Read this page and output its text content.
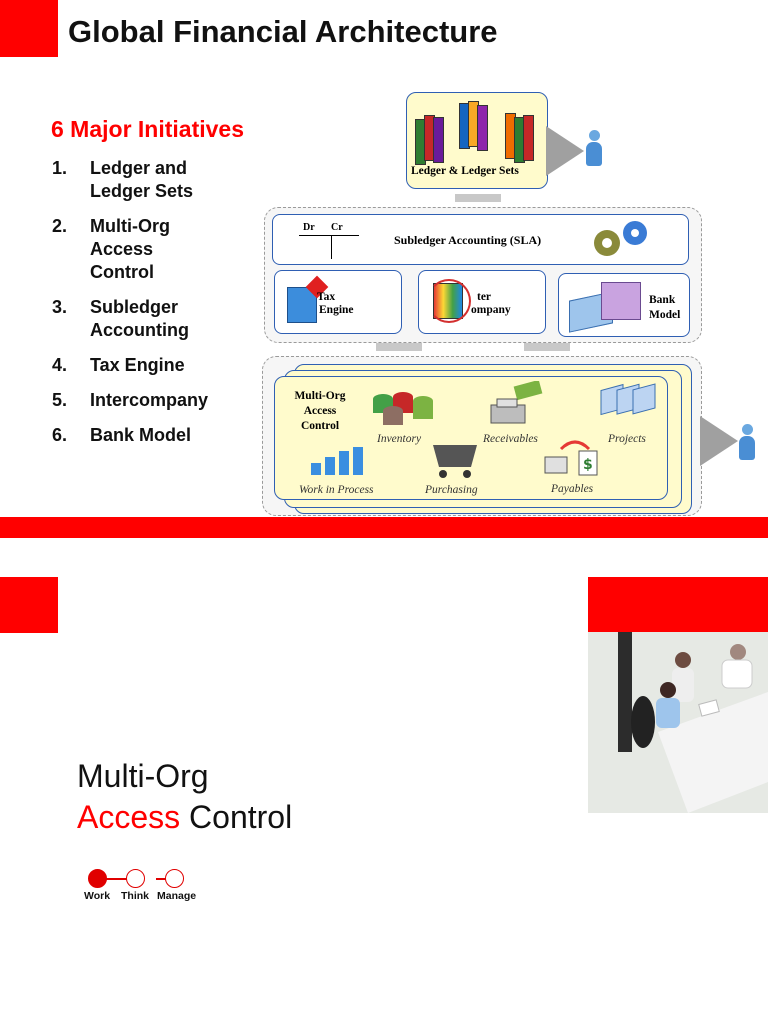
Global Financial Architecture
6 Major Initiatives
1.	Ledger and Ledger Sets
2.	Multi-Org Access Control
3.	Subledger Accounting
4.	Tax Engine
5.	Intercompany
6.	Bank Model
Ledger & Ledger Sets
Dr Cr
Subledger Accounting (SLA)
Tax
Engine
ter
ompany
Bank
Model
Multi-Org Access Control
Inventory	Receivables	Projects
Work in Process	Purchasing
$
Payables
Multi-Org
Access Control
Work Think Manage
